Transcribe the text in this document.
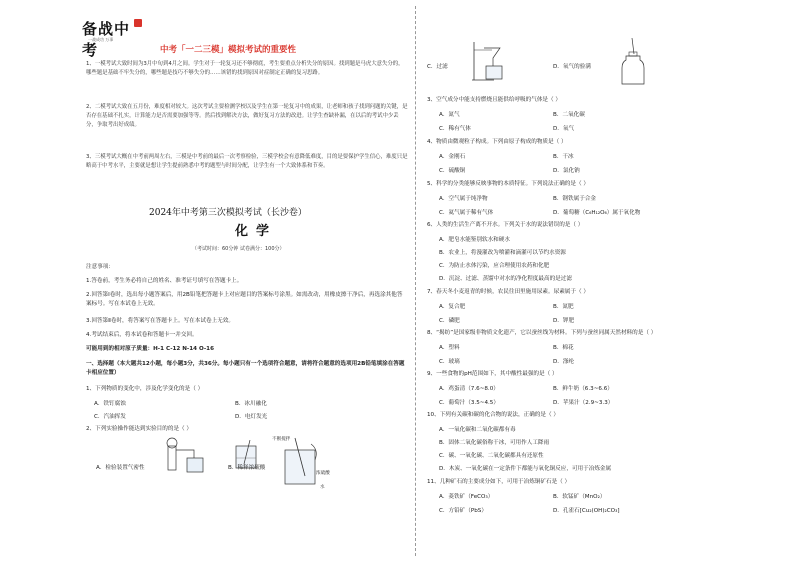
备战中考
一战成功 万事
中考「一二三模」模拟考试的重要性
1、一模考试大致时间为3月中旬到4月之间。学生对于一轮复习还不够彻底，考生要重点分析失分的原因。找到题是马虎大意失分的，哪些题是基础不牢失分的，哪些题是技巧不够失分的……该错的找到原因对症制定正确的复习思路。
2、二模考试大致在五月份，难度相对较大。这次考试主要检测学校以及学生在第一轮复习中的成果，让老师和孩子找到问题的关键，是否存在基础不扎实，计算能力是否需要加强等等。然后找到解决方法，做好复习方法的改进。让学生查缺补漏，在以后的考试中少丢分，争取考出好成绩。
3、三模考试大概在中考前两周左右，三模是中考前的最后一次考察检验，三模学校会有意降低难度，目的是要保护学生信心，难度只是略高于中考水平，主要就是想让学生提前熟悉中考的题型与时间分配，让学生有一个大致体系和节奏。
2024年中考第三次模拟考试（长沙卷）
化学
（考试时间：60分钟 试卷满分：100分）
注意事项：
1.答卷前，考生务必将自己的姓名、准考证号填写在答题卡上。
2.回答第Ⅰ卷时，选出每小题答案后，用2B铅笔把答题卡上对应题目的答案标号涂黑。如需改动，用橡皮擦干净后，再选涂其他答案标号。写在本试卷上无效。
3.回答第Ⅱ卷时，将答案写在答题卡上。写在本试卷上无效。
4.考试结束后，将本试卷和答题卡一并交回。
可能用到的相对原子质量：H-1 C-12 N-14 O-16
一、选择题（本大题共12小题，每小题3分，共36分。每小题只有一个选项符合题意，请将符合题意的选项用2B铅笔填涂在答题卡相应位置）
1、下列物质的变化中，涉及化学变化的是（ ）
A．铁钉腐蚀	B．冰川融化
C．汽油挥发	D．电灯发光
2、下列实验操作能达到实验目的的是（ ）
A．检验装置气密性	B．稀释浓硫酸
不断搅拌
浓硫酸
水
C．过滤	D．氧气的验满
3、空气成分中能支持燃烧且能供给呼吸的气体是（ ）
A．氮气	B．二氧化碳
C．稀有气体	D．氧气
4、物质由微观粒子构成。下列由原子构成的物质是（ ）
A．金刚石	B．干冰
C．硫酸铜	D．氯化钠
5、科学的分类能够反映事物的本质特征。下列说法正确的是（ ）
A．空气属于纯净物	B．钢铁属于合金
C．氦气属于稀有气体	D．葡萄糖（C₆H₁₂O₆）属于氧化物
6、人类的生活生产离不开水。下列关于水的说法错误的是（ ）
A．肥皂水能鉴别软水和硬水
B．农业上，将漫灌改为喷灌和滴灌可以节约水资源
C．为防止水体污染，应合理使用农药和化肥
D．沉淀、过滤、蒸馏中对水的净化程度最高的是过滤
7、春天冬小麦返青的时候，农民往田里施用尿素。尿素属于（ ）
A．复合肥	B．氮肥
C．磷肥	D．钾肥
8、“揭纺”是国家级非物质文化遗产，它以蚕丝线为材料。下列与蚕丝同属天然材料的是（ ）
A．塑料	B．棉花
C．玻璃	D．涤纶
9、一些食物的pH范围如下，其中酸性最强的是（ ）
A．鸡蛋清（7.6~8.0）	B．鲜牛奶（6.3~6.6）
C．葡萄汁（3.5~4.5）	D．苹果汁（2.9~3.3）
10、下列有关碳和碳的化合物的说法，正确的是（ ）
A．一氧化碳和二氧化碳都有毒
B．固体二氧化碳俗称干冰，可用作人工降雨
C．碳、一氧化碳、二氧化碳都具有还原性
D．木炭、一氧化碳在一定条件下都能与氧化铜反应，可用于冶炼金属
11、几种矿石的主要成分如下，可用于冶炼铜矿石是（ ）
A．菱铁矿（FeCO₃）	B．软锰矿（MnO₂）
C．方铅矿（PbS）	D．孔雀石[Cu₂(OH)₂CO₃]
